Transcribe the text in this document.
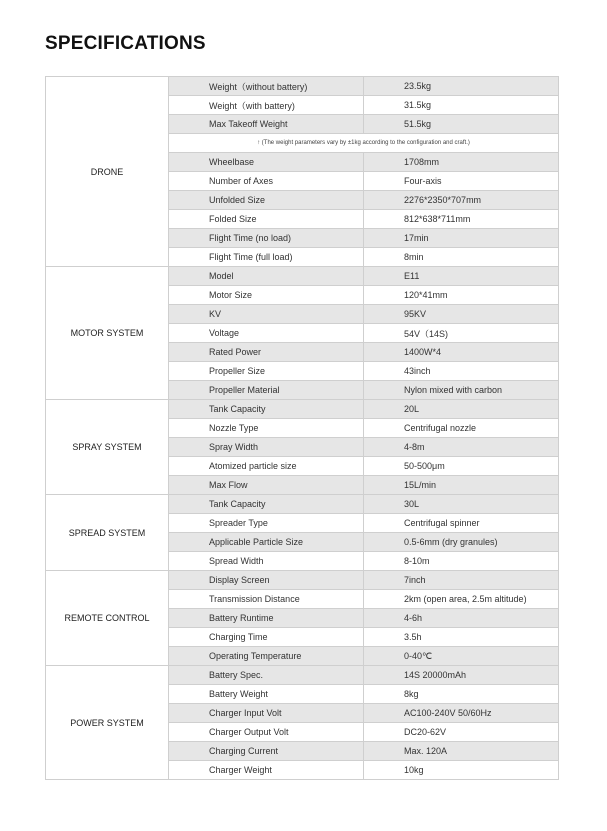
SPECIFICATIONS
DRONE	Weight（without battery)	23.5kg
	Weight（with battery)	31.5kg
	Max Takeoff Weight	51.5kg
	↑ (The weight parameters vary by ±1kg according to the configuration and craft.)	
	Wheelbase	1708mm
	Number of Axes	Four-axis
	Unfolded Size	2276*2350*707mm
	Folded Size	812*638*711mm
	Flight Time (no load)	17min
	Flight Time (full load)	8min
MOTOR SYSTEM	Model	E11
	Motor Size	120*41mm
	KV	95KV
	Voltage	54V（14S)
	Rated Power	1400W*4
	Propeller Size	43inch
	Propeller Material	Nylon mixed with carbon
SPRAY SYSTEM	Tank Capacity	20L
	Nozzle Type	Centrifugal nozzle
	Spray Width	4-8m
	Atomized particle size	50-500μm
	Max Flow	15L/min
SPREAD SYSTEM	Tank Capacity	30L
	Spreader Type	Centrifugal spinner
	Applicable Particle Size	0.5-6mm (dry granules)
	Spread Width	8-10m
REMOTE CONTROL	Display Screen	7inch
	Transmission Distance	2km (open area, 2.5m altitude)
	Battery Runtime	4-6h
	Charging Time	3.5h
	Operating Temperature	0-40℃
POWER SYSTEM	Battery Spec.	14S 20000mAh
	Battery Weight	8kg
	Charger Input Volt	AC100-240V 50/60Hz
	Charger Output Volt	DC20-62V
	Charging Current	Max. 120A
	Charger Weight	10kg
